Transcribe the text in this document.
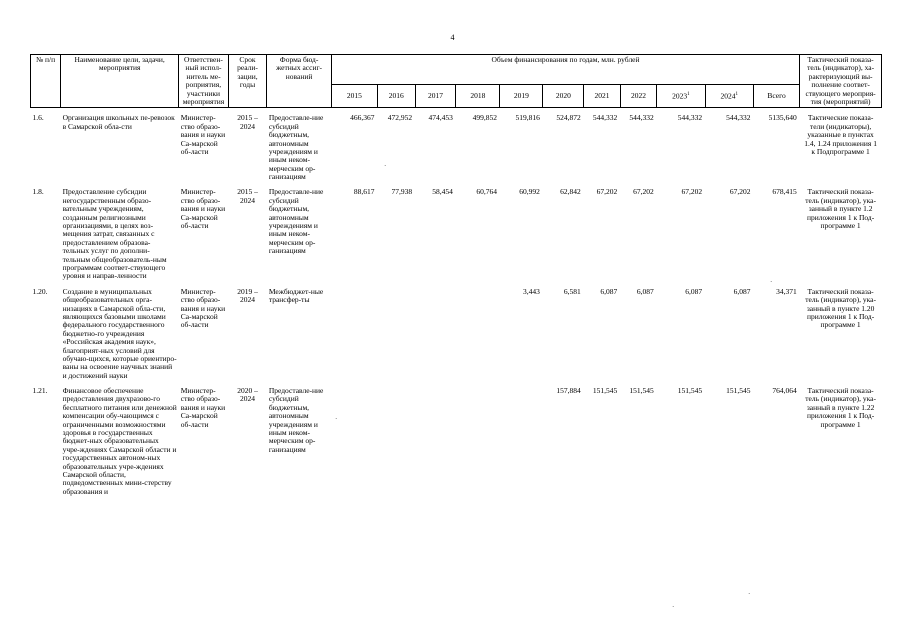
4
№ п/п	Наименование цели, задачи, мероприятия	Ответствен-ный испол-нитель ме-роприятия, участники мероприятия	Срок реали-зации, годы	Форма бюд-жетных ассиг-нований	Объем финансирования по годам, млн. рублей											Тактический показа-тель (индикатор), ха-рактеризующий вы-полнение соответ-ствующего мероприя-тия (мероприятий)
					2015	2016	2017	2018	2019	2020	2021	2022	2023$^1$	2024$^1$	Всего	
1.6.	Организация школьных пе-ревозок в Самарской обла-сти	Министер-ство образо-вания и науки Са-марской об-ласти	2015 – 2024	Предоставле-ние субсидий бюджетным, автономным учреждениям и иным неком-мерческим ор-ганизациям	466,367	472,952	474,453	499,852	519,816	524,872	544,332	544,332	544,332	544,332	5135,640	Тактические показа-тели (индикаторы), указанные в пунктах 1.4, 1.24 приложения 1 к Подпрограмме 1
1.8.	Предоставление субсидии негосударственным образо-вательным учреждениям, созданным религиозными организациями, в целях воз-мещения затрат, связанных с предоставлением образова-тельных услуг по дополни-тельным общеобразователь-ным программам соответ-ствующего уровня и направ-ленности	Министер-ство образо-вания и науки Са-марской об-ласти	2015 – 2024	Предоставле-ние субсидий бюджетным, автономным учреждениям и иным неком-мерческим ор-ганизациям	88,617	77,938	58,454	60,764	60,992	62,842	67,202	67,202	67,202	67,202	678,415	Тактический показа-тель (индикатор), ука-занный в пункте 1.2 приложения 1 к Под-программе 1
1.20.	Создание в муниципальных общеобразовательных орга-низациях в Самарской обла-сти, являющихся базовыми школами федерального государственного бюджетно-го учреждения «Российская академия наук», благоприят-ных условий для обучаю-щихся, которые ориентиро-ваны на освоение научных знаний и достижений науки	Министер-ство образо-вания и науки Са-марской об-ласти	2019 – 2024	Межбюджет-ные трансфер-ты					3,443	6,581	6,087	6,087	6,087	6,087	34,371	Тактический показа-тель (индикатор), ука-занный в пункте 1.20 приложения 1 к Под-программе 1
1.21.	Финансовое обеспечение предоставления двухразово-го бесплатного питания или денежной компенсации обу-чающимся с ограниченными возможностями здоровья в государственных бюджет-ных образовательных учре-ждениях Самарской области и государственных автоном-ных образовательных учре-ждениях Самарской области, подведомственных мини-стерству образования и	Министер-ство образо-вания и науки Са-марской об-ласти	2020 – 2024	Предоставле-ние субсидий бюджетным, автономным учреждениям и иным неком-мерческим ор-ганизациям						157,884	151,545	151,545	151,545	151,545	764,064	Тактический показа-тель (индикатор), ука-занный в пункте 1.22 приложения 1 к Под-программе 1
·
·
·
·
·
